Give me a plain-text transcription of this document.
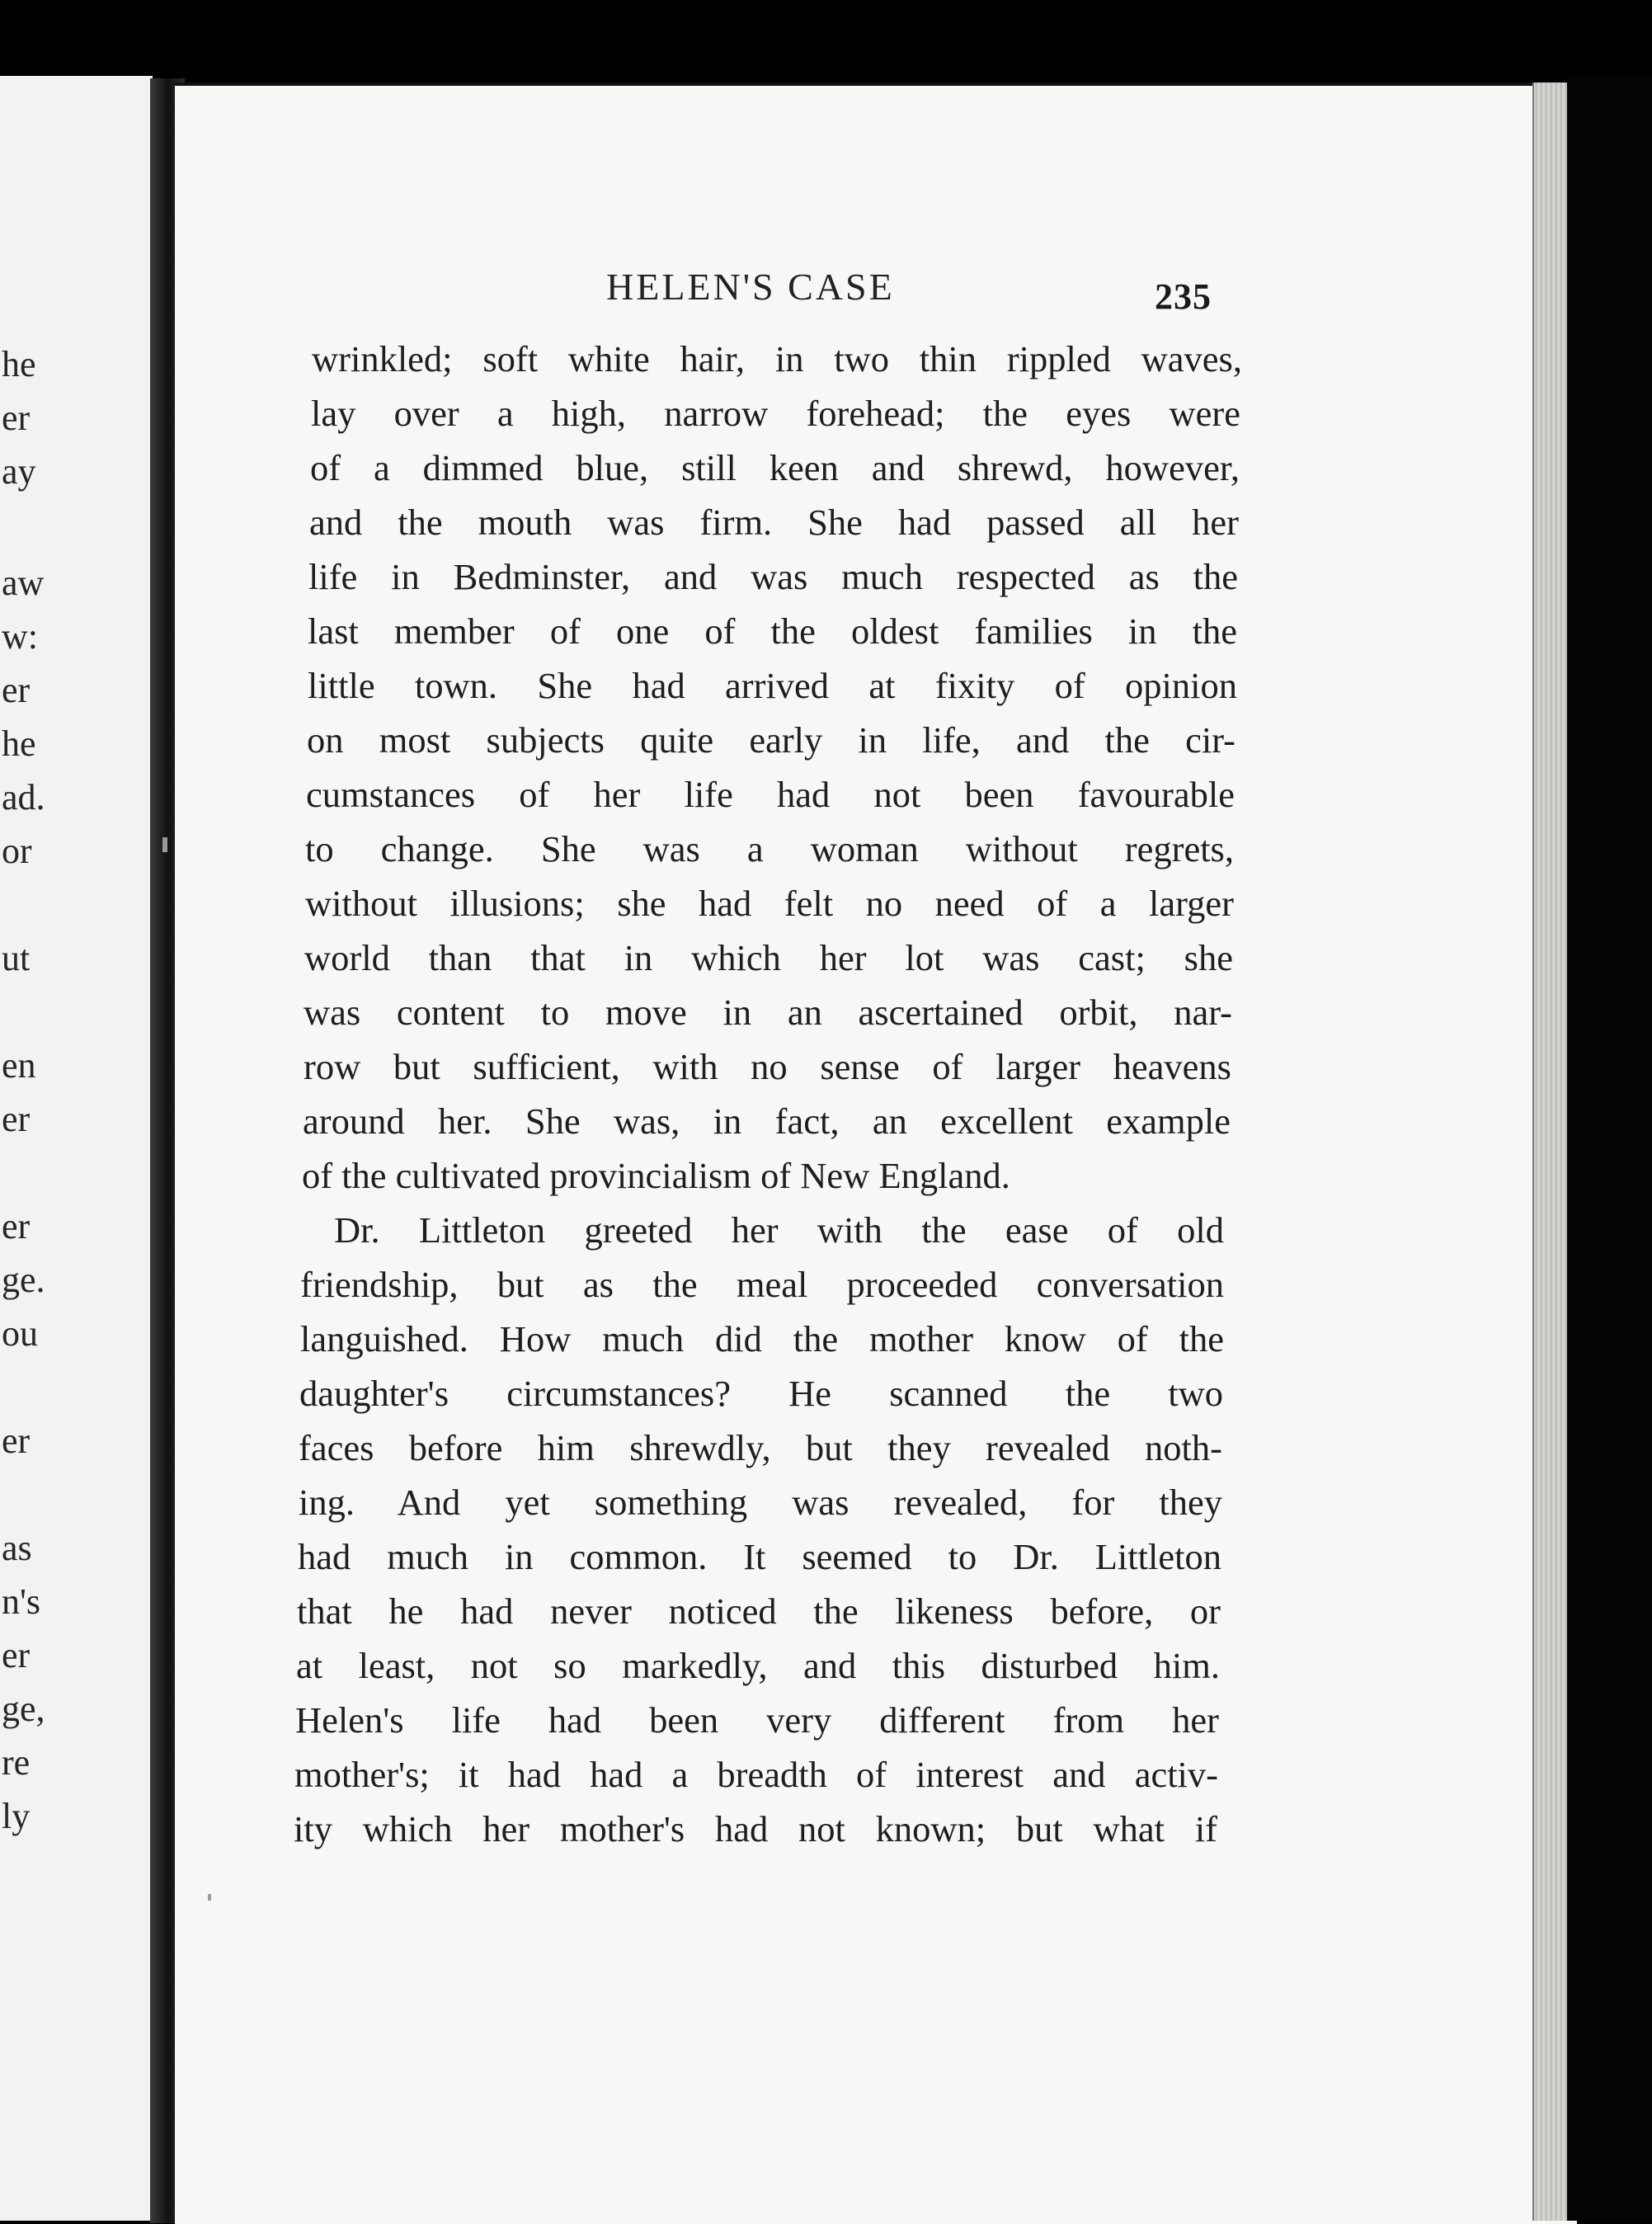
he
er
ay
aw
w:
er
he
ad.
or
ut
en
er
er
ge.
ou
er
as
n's
er
ge,
re
ly
HELEN'S CASE	235
wrinkled; soft white hair, in two thin rippled waves,
lay over a high, narrow forehead; the eyes were
of a dimmed blue, still keen and shrewd, however,
and the mouth was firm. She had passed all her
life in Bedminster, and was much respected as the
last member of one of the oldest families in the
little town. She had arrived at fixity of opinion
on most subjects quite early in life, and the cir-
cumstances of her life had not been favourable
to change. She was a woman without regrets,
without illusions; she had felt no need of a larger
world than that in which her lot was cast; she
was content to move in an ascertained orbit, nar-
row but sufficient, with no sense of larger heavens
around her. She was, in fact, an excellent example
of the cultivated provincialism of New England.
Dr. Littleton greeted her with the ease of old
friendship, but as the meal proceeded conversation
languished. How much did the mother know of the
daughter's circumstances? He scanned the two
faces before him shrewdly, but they revealed noth-
ing. And yet something was revealed, for they
had much in common. It seemed to Dr. Littleton
that he had never noticed the likeness before, or
at least, not so markedly, and this disturbed him.
Helen's life had been very different from her
mother's; it had had a breadth of interest and activ-
ity which her mother's had not known; but what if
